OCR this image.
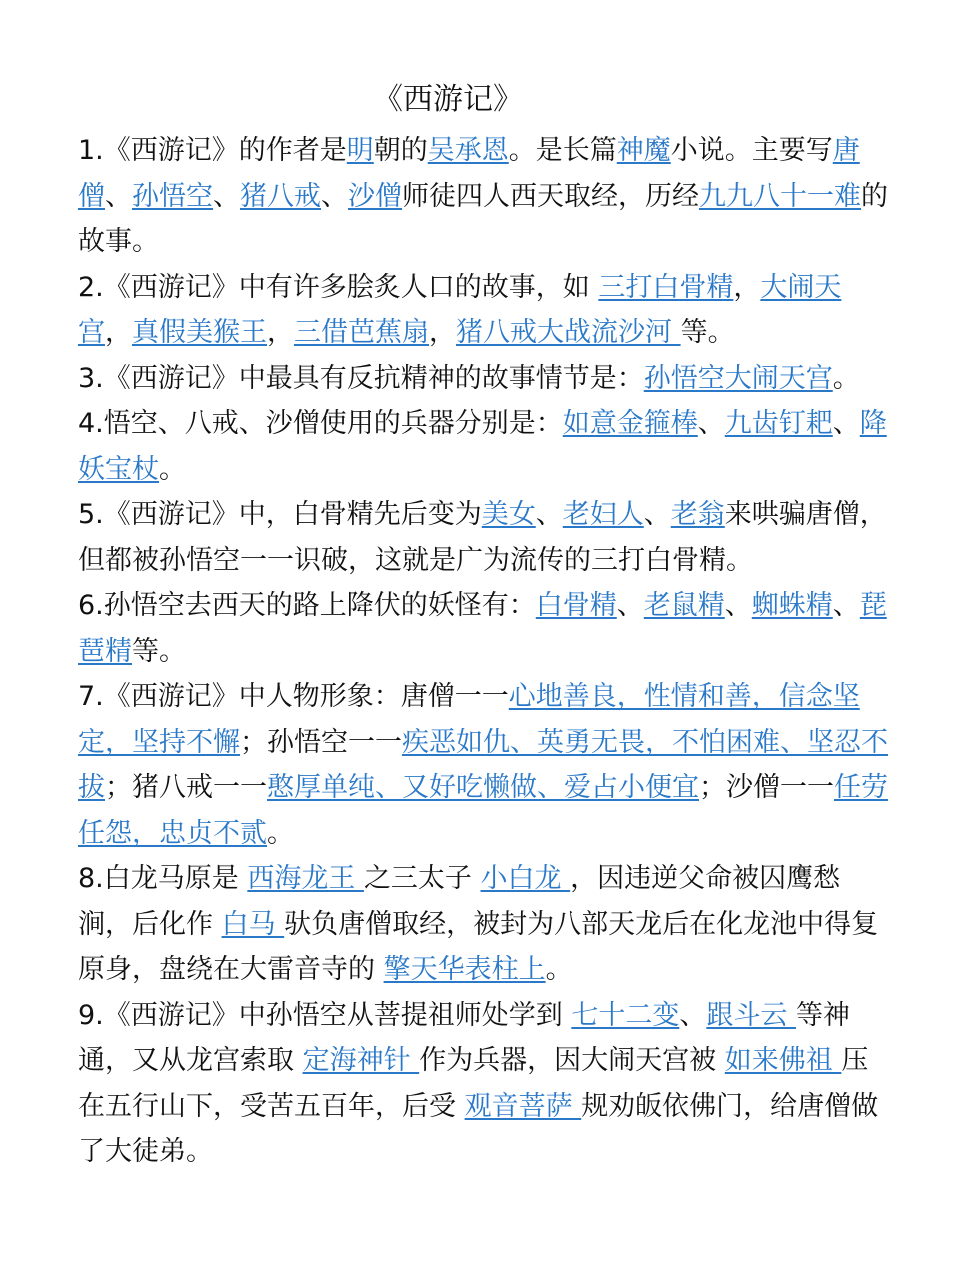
《西游记》

1.《西游记》的作者是明朝的吴承恩。是长篇神魔小说。主要写唐僧、孙悟空、猪八戒、沙僧师徒四人西天取经，历经九九八十一难的故事。

2.《西游记》中有许多脍炙人口的故事，如 三打白骨精，大闹天宫，真假美猴王，三借芭蕉扇，猪八戒大战流沙河 等。

3.《西游记》中最具有反抗精神的故事情节是：孙悟空大闹天宫。

4.悟空、八戒、沙僧使用的兵器分别是：如意金箍棒、九齿钉耙、降妖宝杖。

5.《西游记》中，白骨精先后变为美女、老妇人、老翁来哄骗唐僧，但都被孙悟空一一识破，这就是广为流传的三打白骨精。

6.孙悟空去西天的路上降伏的妖怪有：白骨精、老鼠精、蜘蛛精、琵琶精等。

7.《西游记》中人物形象：唐僧一一心地善良，性情和善，信念坚定，坚持不懈；孙悟空一一疾恶如仇、英勇无畏，不怕困难、坚忍不拔；猪八戒一一憨厚单纯、又好吃懒做、爱占小便宜；沙僧一一任劳任怨，忠贞不贰。

8.白龙马原是 西海龙王 之三太子 小白龙 ，因违逆父命被囚鹰愁涧，后化作 白马 驮负唐僧取经，被封为八部天龙后在化龙池中得复原身，盘绕在大雷音寺的 擎天华表柱上。

9.《西游记》中孙悟空从菩提祖师处学到 七十二变、跟斗云 等神通，又从龙宫索取 定海神针 作为兵器，因大闹天宫被 如来佛祖 压在五行山下，受苦五百年，后受 观音菩萨 规劝皈依佛门，给唐僧做了大徒弟。
